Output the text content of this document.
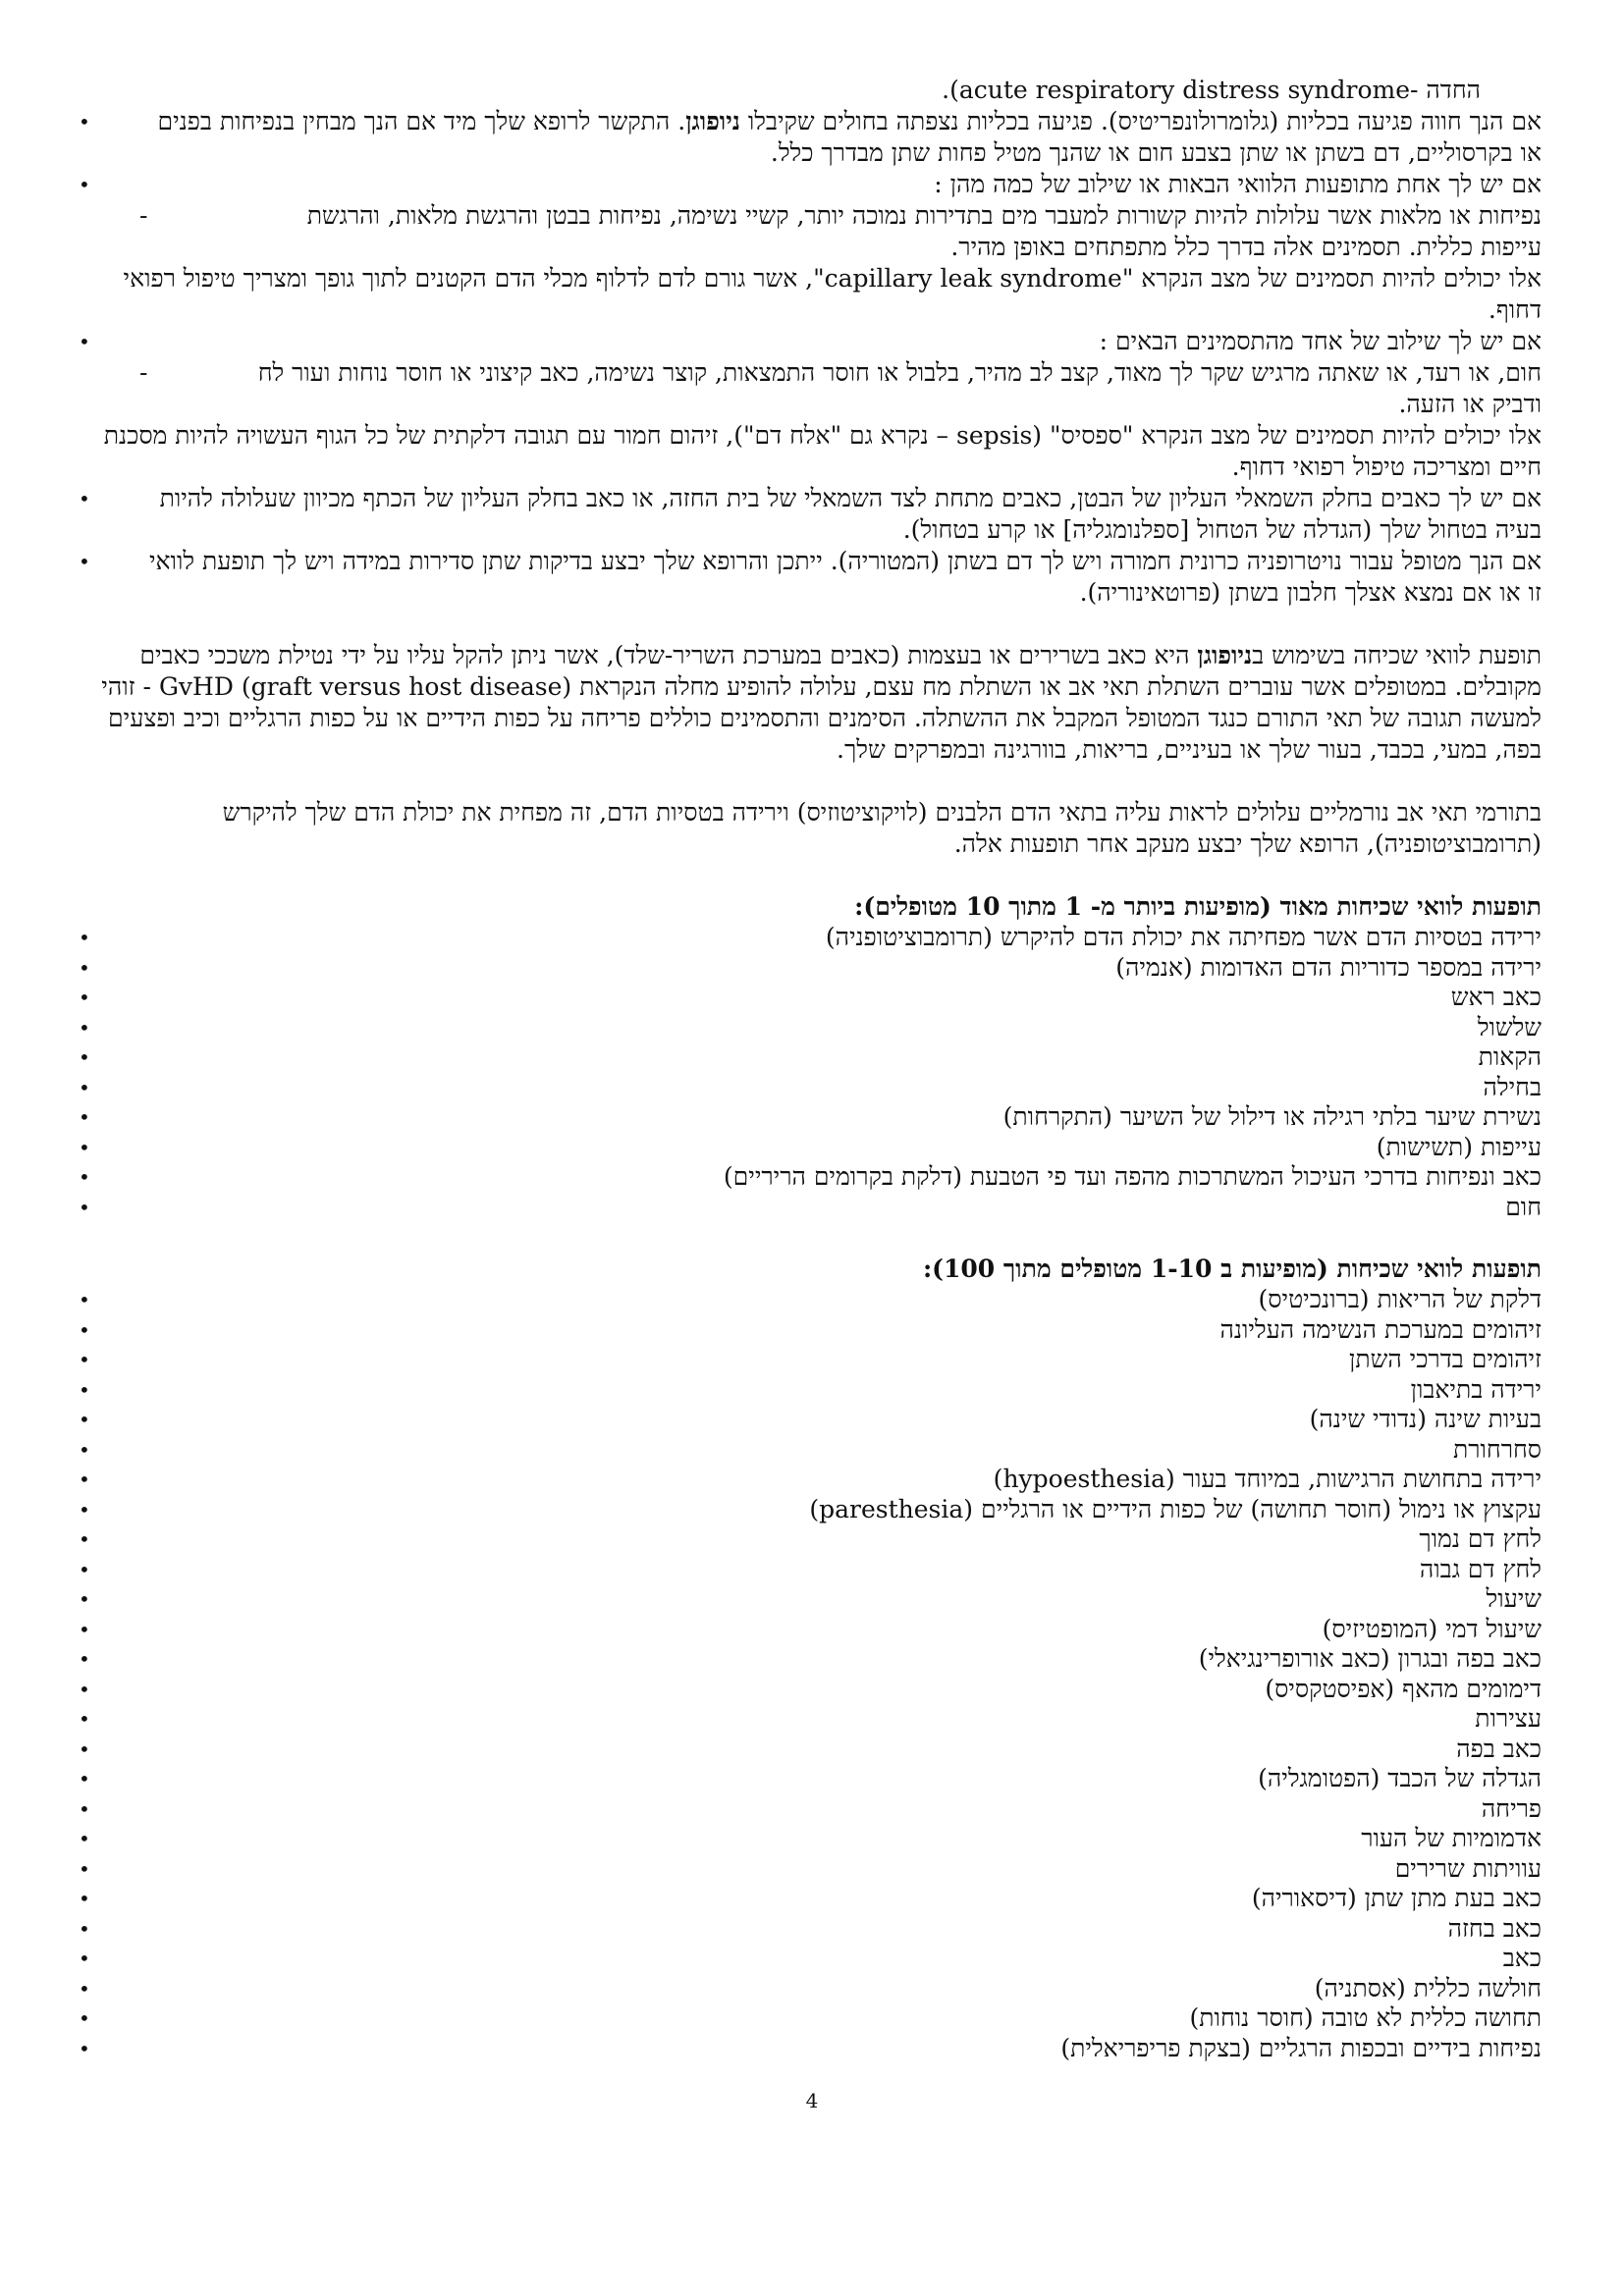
החדה -acute respiratory distress syndrome).

• אם הנך חווה פגיעה בכליות (גלומרולונפריטיס). פגיעה בכליות נצפתה בחולים שקיבלו ניופוגן. התקשר לרופא שלך מיד אם הנך מבחין בנפיחות בפנים או בקרסוליים, דם בשתן או שתן בצבע חום או שהנך מטיל פחות שתן מבדרך כלל.
• אם יש לך אחת מתופעות הלוואי הבאות או שילוב של כמה מהן :
- נפיחות או מלאות אשר עלולות להיות קשורות למעבר מים בתדירות נמוכה יותר, קשיי נשימה, נפיחות בבטן והרגשת מלאות, והרגשת עייפות כללית. תסמינים אלה בדרך כלל מתפתחים באופן מהיר.

אלו יכולים להיות תסמינים של מצב הנקרא "capillary leak syndrome", אשר גורם לדם לדלוף מכלי הדם הקטנים לתוך גופך ומצריך טיפול רפואי דחוף.

• אם יש לך שילוב של אחד מהתסמינים הבאים :
- חום, או רעד, או שאתה מרגיש שקר לך מאוד, קצב לב מהיר, בלבול או חוסר התמצאות, קוצר נשימה, כאב קיצוני או חוסר נוחות ועור לח ודביק או הזעה.

אלו יכולים להיות תסמינים של מצב הנקרא "ספסיס" (sepsis – נקרא גם "אלח דם"), זיהום חמור עם תגובה דלקתית של כל הגוף העשויה להיות מסכנת חיים ומצריכה טיפול רפואי דחוף.

• אם יש לך כאבים בחלק השמאלי העליון של הבטן, כאבים מתחת לצד השמאלי של בית החזה, או כאב בחלק העליון של הכתף מכיוון שעלולה להיות בעיה בטחול שלך (הגדלה של הטחול [ספלנומגליה] או קרע בטחול).
• אם הנך מטופל עבור נויטרופניה כרונית חמורה ויש לך דם בשתן (המטוריה). ייתכן והרופא שלך יבצע בדיקות שתן סדירות במידה ויש לך תופעת לוואי זו או אם נמצא אצלך חלבון בשתן (פרוטאינוריה).

תופעת לוואי שכיחה בשימוש בניופוגן היא כאב בשרירים או בעצמות (כאבים במערכת השריר-שלד), אשר ניתן להקל עליו על ידי נטילת משככי כאבים מקובלים. במטופלים אשר עוברים השתלת תאי אב או השתלת מח עצם, עלולה להופיע מחלה הנקראת GvHD (graft versus host disease) - זוהי למעשה תגובה של תאי התורם כנגד המטופל המקבל את ההשתלה. הסימנים והתסמינים כוללים פריחה על כפות הידיים או על כפות הרגליים וכיב ופצעים בפה, במעי, בכבד, בעור שלך או בעיניים, בריאות, בוורגינה ובמפרקים שלך.

בתורמי תאי אב נורמליים עלולים לראות עליה בתאי הדם הלבנים (לויקוציטוזיס) וירידה בטסיות הדם, זה מפחית את יכולת הדם שלך להיקרש (תרומבוציטופניה), הרופא שלך יבצע מעקב אחר תופעות אלה.

תופעות לוואי שכיחות מאוד (מופיעות ביותר מ- 1 מתוך 10 מטופלים):

• ירידה בטסיות הדם אשר מפחיתה את יכולת הדם להיקרש (תרומבוציטופניה)
• ירידה במספר כדוריות הדם האדומות (אנמיה)
• כאב ראש
• שלשול
• הקאות
• בחילה
• נשירת שיער בלתי רגילה או דילול של השיער (התקרחות)
• עייפות (תשישות)
• כאב ונפיחות בדרכי העיכול המשתרכות מהפה ועד פי הטבעת (דלקת בקרומים הריריים)
• חום

תופעות לוואי שכיחות (מופיעות ב 1-10 מטופלים מתוך 100):

• דלקת של הריאות (ברונכיטיס)
• זיהומים במערכת הנשימה העליונה
• זיהומים בדרכי השתן
• ירידה בתיאבון
• בעיות שינה (נדודי שינה)
• סחרחורת
• ירידה בתחושת הרגישות, במיוחד בעור (hypoesthesia)
• עקצוץ או נימול (חוסר תחושה) של כפות הידיים או הרגליים (paresthesia)
• לחץ דם נמוך
• לחץ דם גבוה
• שיעול
• שיעול דמי (המופטיזיס)
• כאב בפה ובגרון (כאב אורופרינגיאלי)
• דימומים מהאף (אפיסטקסיס)
• עצירות
• כאב בפה
• הגדלה של הכבד (הפטומגליה)
• פריחה
• אדמומיות של העור
• עוויתות שרירים
• כאב בעת מתן שתן (דיסאוריה)
• כאב בחזה
• כאב
• חולשה כללית (אסתניה)
• תחושה כללית לא טובה (חוסר נוחות)
• נפיחות בידיים ובכפות הרגליים (בצקת פריפריאלית)
4
